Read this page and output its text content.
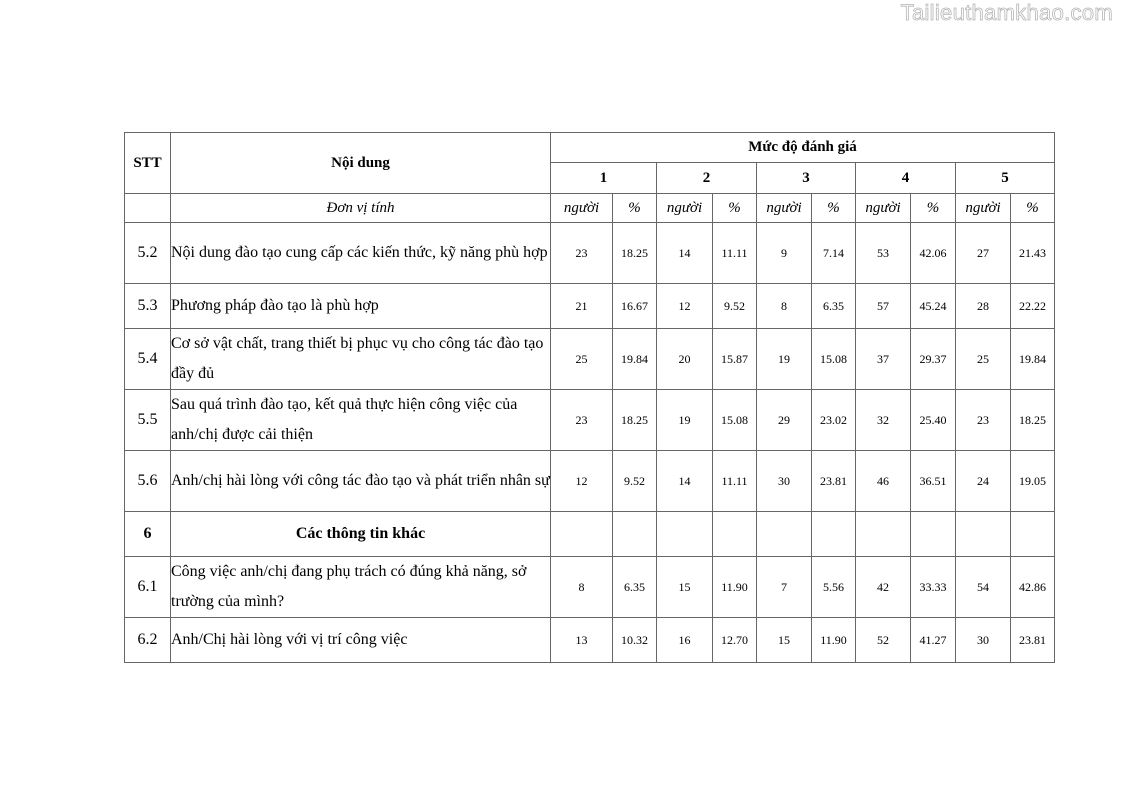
Tailieuthamkhao.com
STT	Nội dung	Mức độ đánh giá									
		1		2		3		4		5	
	Đơn vị tính	người	%	người	%	người	%	người	%	người	%
5.2	Nội dung đào tạo cung cấp các kiến thức, kỹ năng phù hợp	23	18.25	14	11.11	9	7.14	53	42.06	27	21.43
5.3	Phương pháp đào tạo là phù hợp	21	16.67	12	9.52	8	6.35	57	45.24	28	22.22
5.4	Cơ sở vật chất, trang thiết bị phục vụ cho công tác đào tạo đầy đủ	25	19.84	20	15.87	19	15.08	37	29.37	25	19.84
5.5	Sau quá trình đào tạo, kết quả thực hiện công việc của anh/chị được cải thiện	23	18.25	19	15.08	29	23.02	32	25.40	23	18.25
5.6	Anh/chị hài lòng với công tác đào tạo và phát triển nhân sự	12	9.52	14	11.11	30	23.81	46	36.51	24	19.05
6	Các thông tin khác										
6.1	Công việc anh/chị đang phụ trách có đúng khả năng, sở trường của mình?	8	6.35	15	11.90	7	5.56	42	33.33	54	42.86
6.2	Anh/Chị hài lòng với vị trí công việc	13	10.32	16	12.70	15	11.90	52	41.27	30	23.81
